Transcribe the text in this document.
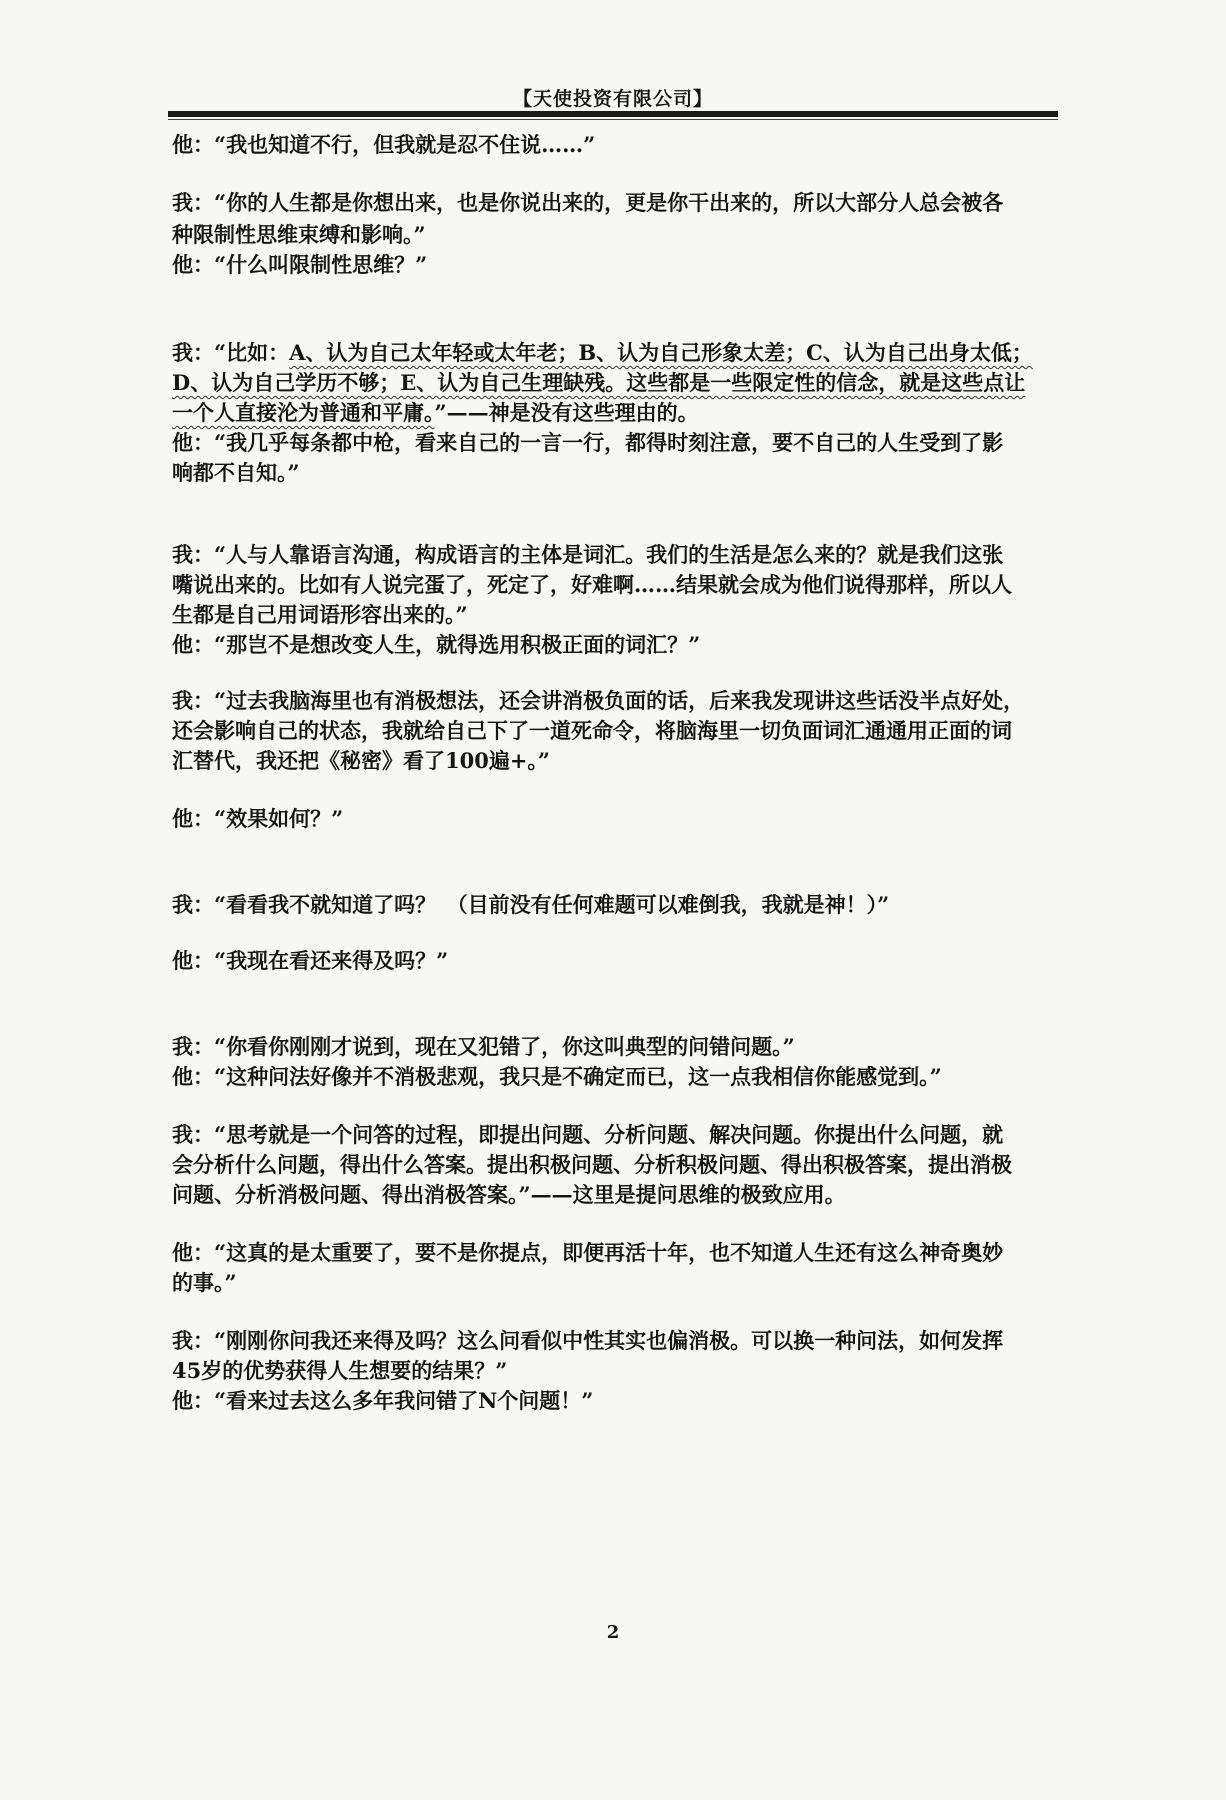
【天使投资有限公司】
他：“我也知道不行，但我就是忍不住说……”
我：“你的人生都是你想出来，也是你说出来的，更是你干出来的，所以大部分人总会被各
种限制性思维束缚和影响。”
他：“什么叫限制性思维？”
我：“比如：A、认为自己太年轻或太年老；B、认为自己形象太差；C、认为自己出身太低；
D、认为自己学历不够；E、认为自己生理缺残。这些都是一些限定性的信念，就是这些点让
一个人直接沦为普通和平庸。”——神是没有这些理由的。
他：“我几乎每条都中枪，看来自己的一言一行，都得时刻注意，要不自己的人生受到了影
响都不自知。”
我：“人与人靠语言沟通，构成语言的主体是词汇。我们的生活是怎么来的？就是我们这张
嘴说出来的。比如有人说完蛋了，死定了，好难啊……结果就会成为他们说得那样，所以人
生都是自己用词语形容出来的。”
他：“那岂不是想改变人生，就得选用积极正面的词汇？”
我：“过去我脑海里也有消极想法，还会讲消极负面的话，后来我发现讲这些话没半点好处，
还会影响自己的状态，我就给自己下了一道死命令，将脑海里一切负面词汇通通用正面的词
汇替代，我还把《秘密》看了100遍+。”
他：“效果如何？”
我：“看看我不就知道了吗？　（目前没有任何难题可以难倒我，我就是神！）”
他：“我现在看还来得及吗？”
我：“你看你刚刚才说到，现在又犯错了，你这叫典型的问错问题。”
他：“这种问法好像并不消极悲观，我只是不确定而已，这一点我相信你能感觉到。”
我：“思考就是一个问答的过程，即提出问题、分析问题、解决问题。你提出什么问题，就
会分析什么问题，得出什么答案。提出积极问题、分析积极问题、得出积极答案，提出消极
问题、分析消极问题、得出消极答案。”——这里是提问思维的极致应用。
他：“这真的是太重要了，要不是你提点，即便再活十年，也不知道人生还有这么神奇奥妙
的事。”
我：“刚刚你问我还来得及吗？这么问看似中性其实也偏消极。可以换一种问法，如何发挥
45岁的优势获得人生想要的结果？”
他：“看来过去这么多年我问错了N个问题！”
2
